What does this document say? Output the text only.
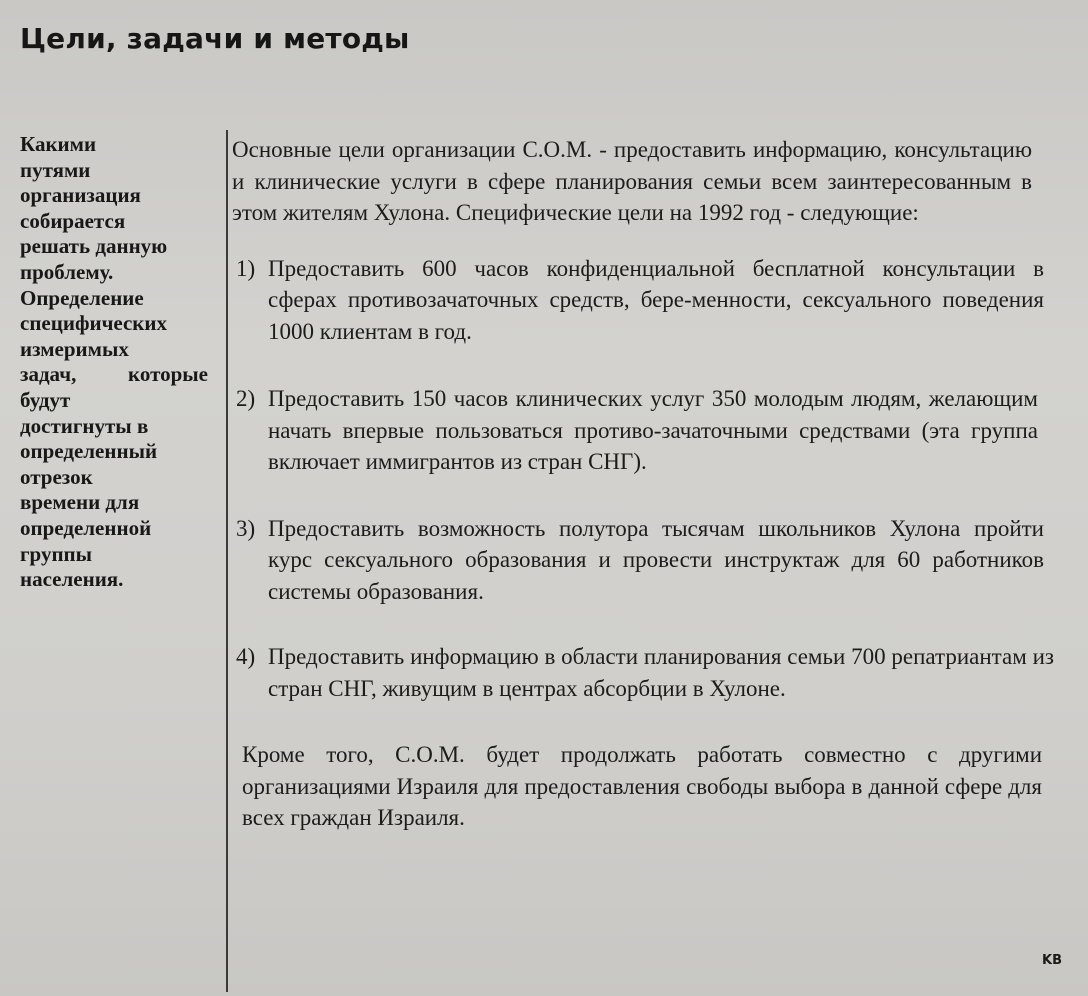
Цели, задачи и методы
Какими
путями
организация
собирается
решать данную
проблему.
Определение
специфических
измеримых
задач, которые
будут
достигнуты в
определенный
отрезок
времени для
определенной
группы
населения.

Основные цели организации С.О.М. - предоставить информацию, консультацию и клинические услуги в сфере планирования семьи всем заинтересованным в этом жителям Хулона. Специфические цели на 1992 год - следующие:

1) Предоставить 600 часов конфиденциальной бесплатной консультации в сферах противозачаточных средств, бере-менности, сексуального поведения 1000 клиентам в год.
2) Предоставить 150 часов клинических услуг 350 молодым людям, желающим начать впервые пользоваться противо-зачаточными средствами (эта группа включает иммигрантов из стран СНГ).
3) Предоставить возможность полутора тысячам школьников Хулона пройти курс сексуального образования и провести инструктаж для 60 работников системы образования.
4) Предоставить информацию в области планирования семьи 700 репатриантам из стран СНГ, живущим в центрах абсорбции в Хулоне.

Кроме того, С.О.М. будет продолжать работать совместно с другими организациями Израиля для предоставления свободы выбора в данной сфере для всех граждан Израиля.

KB
